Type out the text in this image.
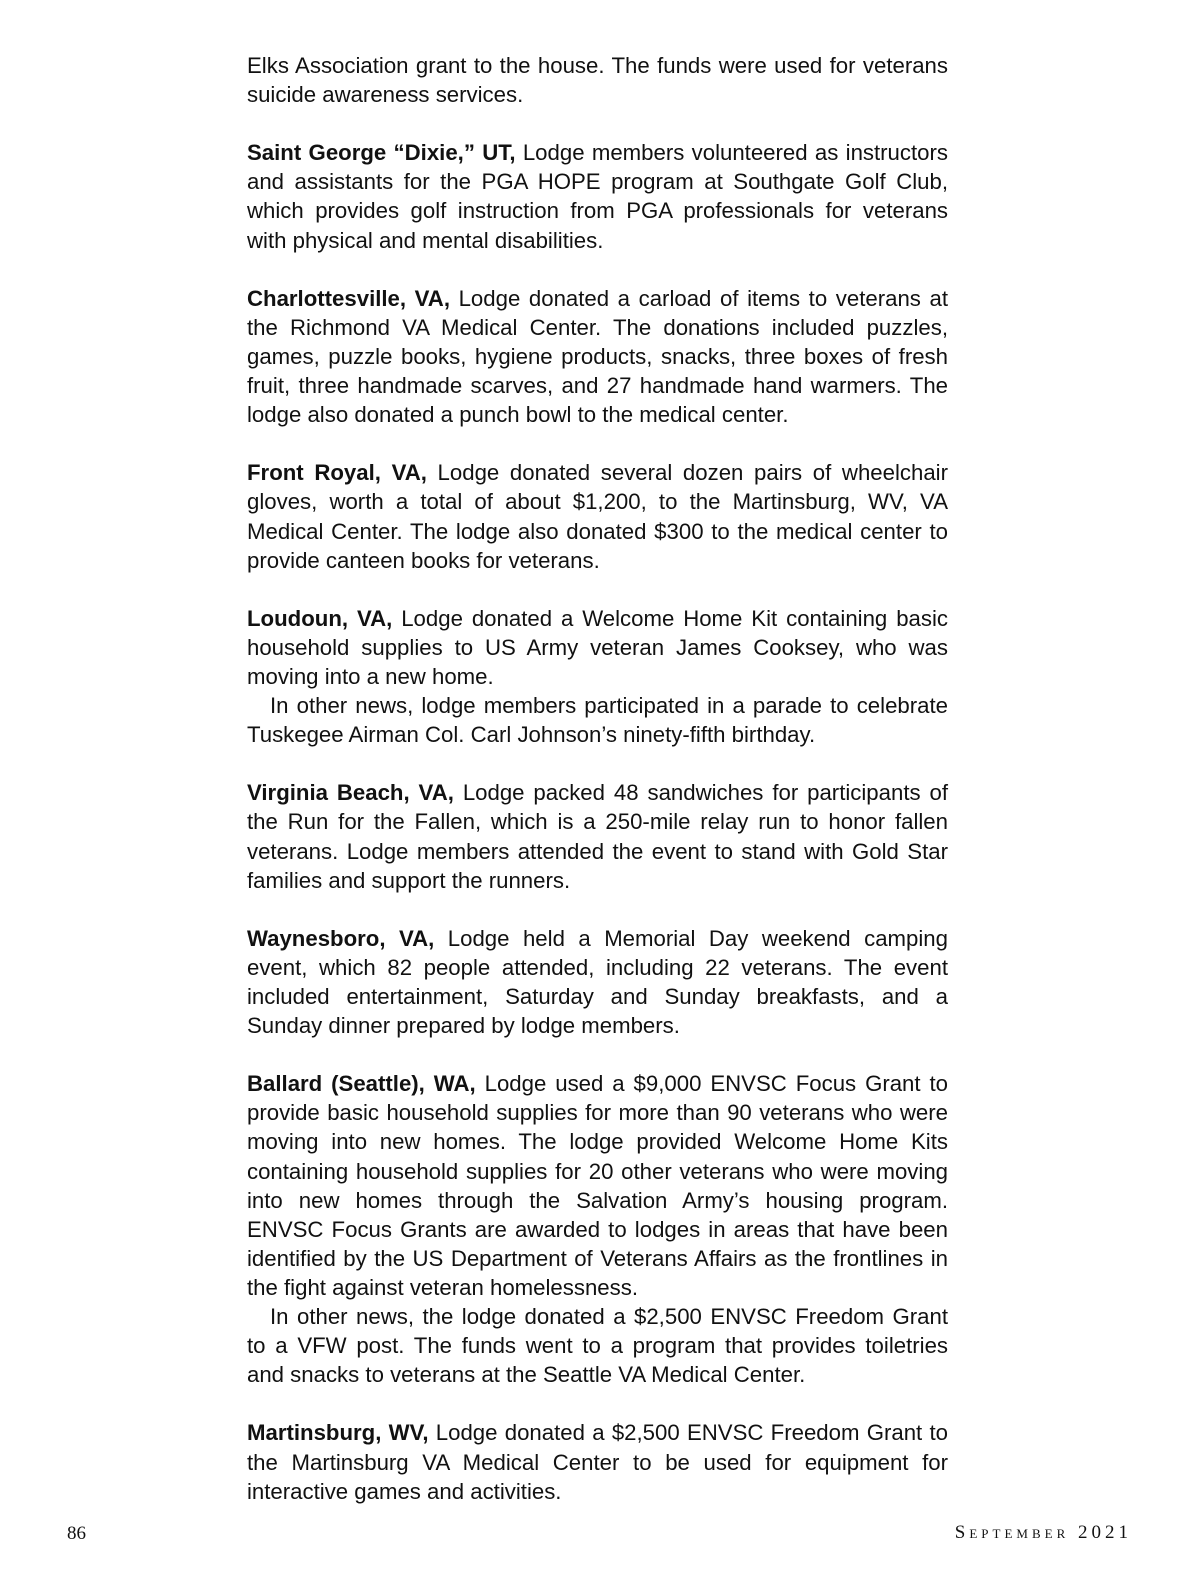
Elks Association grant to the house. The funds were used for veterans suicide awareness services.

Saint George “Dixie,” UT, Lodge members volunteered as instructors and assistants for the PGA HOPE program at Southgate Golf Club, which provides golf instruction from PGA professionals for veterans with physical and mental disabilities.

Charlottesville, VA, Lodge donated a carload of items to veterans at the Richmond VA Medical Center. The donations included puzzles, games, puzzle books, hygiene products, snacks, three boxes of fresh fruit, three handmade scarves, and 27 handmade hand warmers. The lodge also donated a punch bowl to the medical center.

Front Royal, VA, Lodge donated several dozen pairs of wheelchair gloves, worth a total of about $1,200, to the Martinsburg, WV, VA Medical Center. The lodge also donated $300 to the medical center to provide canteen books for veterans.

Loudoun, VA, Lodge donated a Welcome Home Kit containing basic household supplies to US Army veteran James Cooksey, who was moving into a new home.

In other news, lodge members participated in a parade to celebrate Tuskegee Airman Col. Carl Johnson’s ninety-fifth birthday.

Virginia Beach, VA, Lodge packed 48 sandwiches for participants of the Run for the Fallen, which is a 250-mile relay run to honor fallen veterans. Lodge members attended the event to stand with Gold Star families and support the runners.

Waynesboro, VA, Lodge held a Memorial Day weekend camping event, which 82 people attended, including 22 veterans. The event included entertainment, Saturday and Sunday breakfasts, and a Sunday dinner prepared by lodge members.

Ballard (Seattle), WA, Lodge used a $9,000 ENVSC Focus Grant to provide basic household supplies for more than 90 veterans who were moving into new homes. The lodge provided Welcome Home Kits containing household supplies for 20 other veterans who were moving into new homes through the Salvation Army’s housing program. ENVSC Focus Grants are awarded to lodges in areas that have been identified by the US Department of Veterans Affairs as the frontlines in the fight against veteran homelessness.

In other news, the lodge donated a $2,500 ENVSC Freedom Grant to a VFW post. The funds went to a program that provides toiletries and snacks to veterans at the Seattle VA Medical Center.

Martinsburg, WV, Lodge donated a $2,500 ENVSC Freedom Grant to the Martinsburg VA Medical Center to be used for equipment for interactive games and activities.

86	September 2021
